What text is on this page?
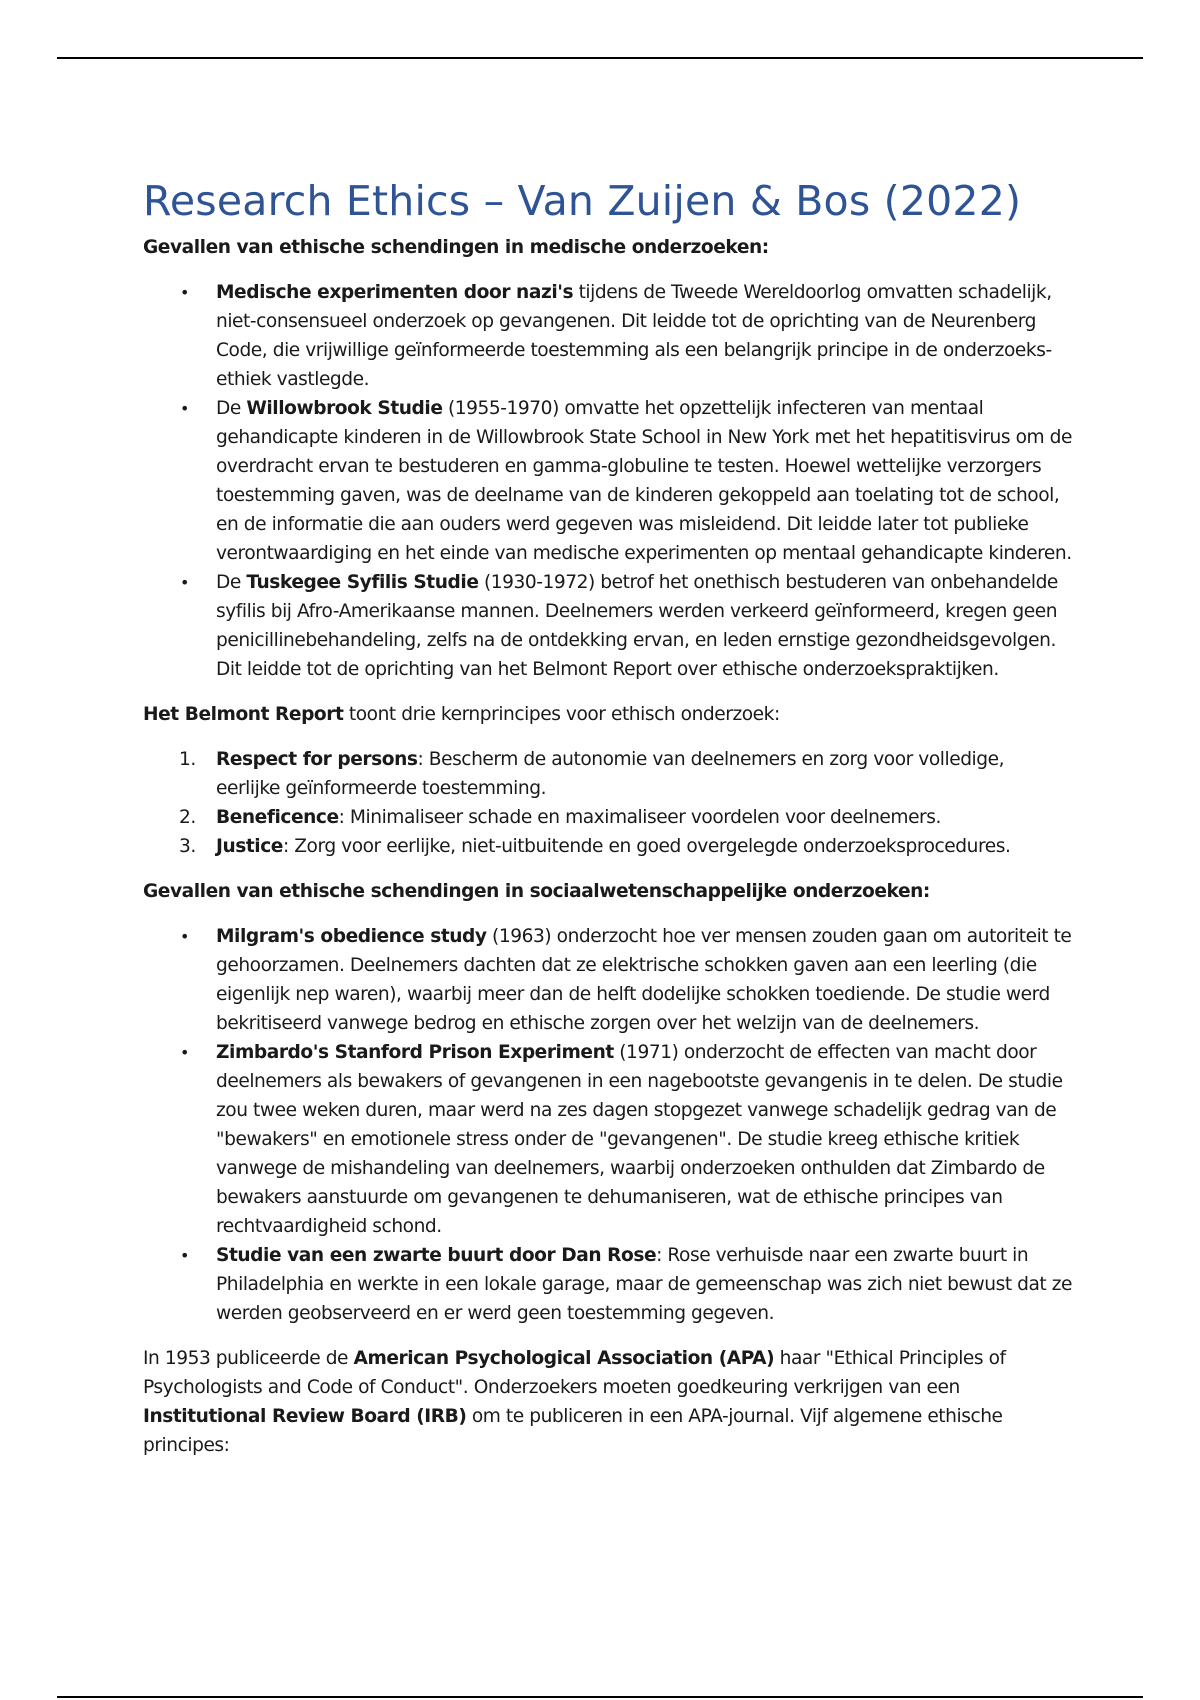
Research Ethics – Van Zuijen & Bos (2022)

Gevallen van ethische schendingen in medische onderzoeken:

• Medische experimenten door nazi's tijdens de Tweede Wereldoorlog omvatten schadelijk, niet-consensueel onderzoek op gevangenen. Dit leidde tot de oprichting van de Neurenberg Code, die vrijwillige geïnformeerde toestemming als een belangrijk principe in de onderzoeks-ethiek vastlegde.
• De Willowbrook Studie (1955-1970) omvatte het opzettelijk infecteren van mentaal gehandicapte kinderen in de Willowbrook State School in New York met het hepatitisvirus om de overdracht ervan te bestuderen en gamma-globuline te testen. Hoewel wettelijke verzorgers toestemming gaven, was de deelname van de kinderen gekoppeld aan toelating tot de school, en de informatie die aan ouders werd gegeven was misleidend. Dit leidde later tot publieke verontwaardiging en het einde van medische experimenten op mentaal gehandicapte kinderen.
• De Tuskegee Syfilis Studie (1930-1972) betrof het onethisch bestuderen van onbehandelde syfilis bij Afro-Amerikaanse mannen. Deelnemers werden verkeerd geïnformeerd, kregen geen penicillinebehandeling, zelfs na de ontdekking ervan, en leden ernstige gezondheidsgevolgen. Dit leidde tot de oprichting van het Belmont Report over ethische onderzoekspraktijken.

Het Belmont Report toont drie kernprincipes voor ethisch onderzoek:

1. Respect for persons: Bescherm de autonomie van deelnemers en zorg voor volledige, eerlijke geïnformeerde toestemming.
2. Beneficence: Minimaliseer schade en maximaliseer voordelen voor deelnemers.
3. Justice: Zorg voor eerlijke, niet-uitbuitende en goed overgelegde onderzoeksprocedures.

Gevallen van ethische schendingen in sociaalwetenschappelijke onderzoeken:

• Milgram's obedience study (1963) onderzocht hoe ver mensen zouden gaan om autoriteit te gehoorzamen. Deelnemers dachten dat ze elektrische schokken gaven aan een leerling (die eigenlijk nep waren), waarbij meer dan de helft dodelijke schokken toediende. De studie werd bekritiseerd vanwege bedrog en ethische zorgen over het welzijn van de deelnemers.
• Zimbardo's Stanford Prison Experiment (1971) onderzocht de effecten van macht door deelnemers als bewakers of gevangenen in een nagebootste gevangenis in te delen. De studie zou twee weken duren, maar werd na zes dagen stopgezet vanwege schadelijk gedrag van de "bewakers" en emotionele stress onder de "gevangenen". De studie kreeg ethische kritiek vanwege de mishandeling van deelnemers, waarbij onderzoeken onthulden dat Zimbardo de bewakers aanstuurde om gevangenen te dehumaniseren, wat de ethische principes van rechtvaardigheid schond.
• Studie van een zwarte buurt door Dan Rose: Rose verhuisde naar een zwarte buurt in Philadelphia en werkte in een lokale garage, maar de gemeenschap was zich niet bewust dat ze werden geobserveerd en er werd geen toestemming gegeven.

In 1953 publiceerde de American Psychological Association (APA) haar "Ethical Principles of Psychologists and Code of Conduct". Onderzoekers moeten goedkeuring verkrijgen van een Institutional Review Board (IRB) om te publiceren in een APA-journal. Vijf algemene ethische principes:
